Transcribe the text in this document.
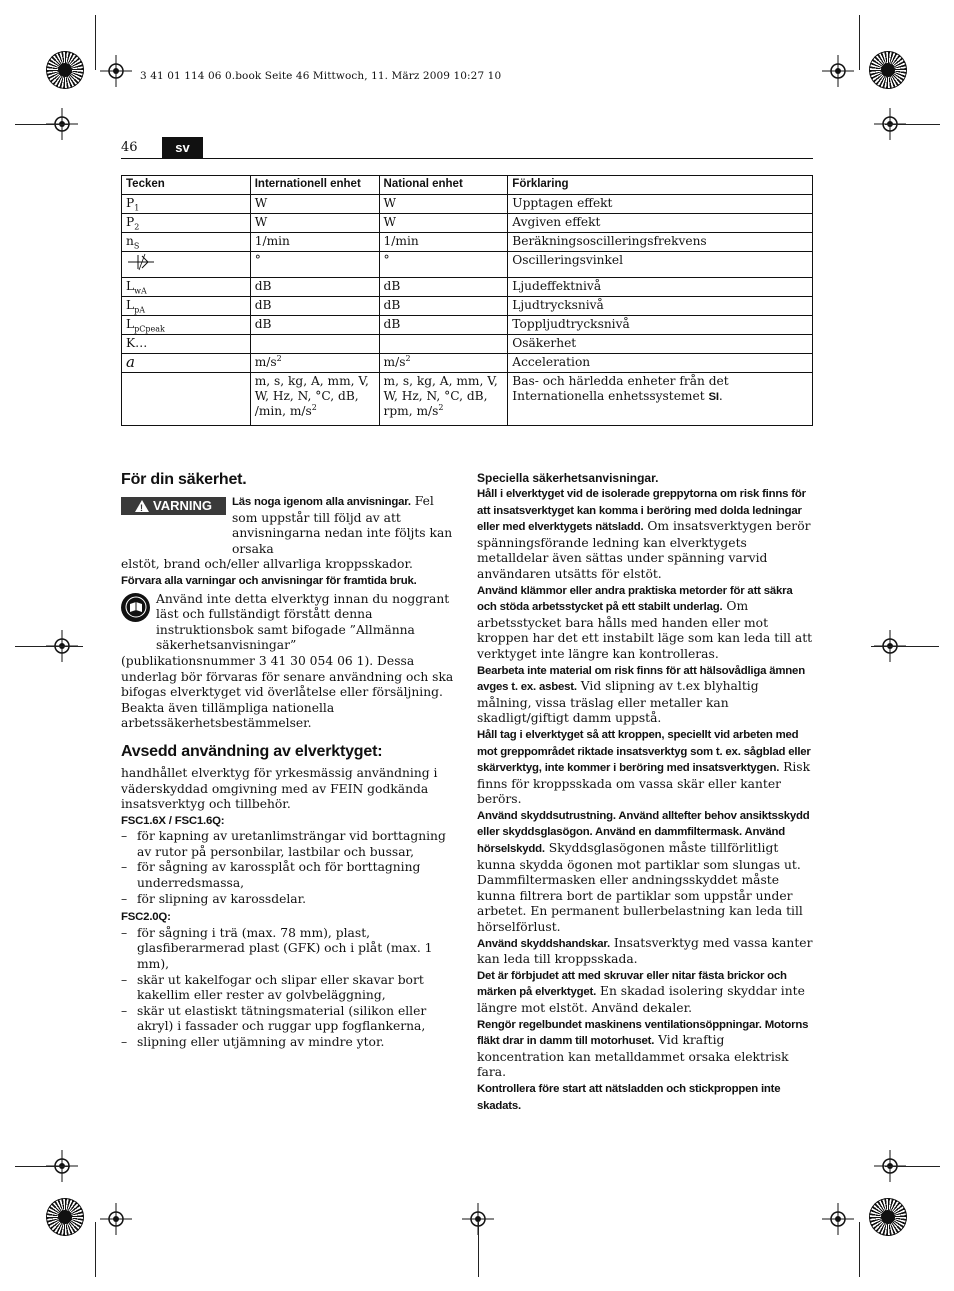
3 41 01 114 06 0.book Seite 46 Mittwoch, 11. März 2009 10:27 10
46	sv
Tecken	Internationell enhet	National enhet	Förklaring
$P_1$	W	W	Upptagen effekt
$P_2$	W	W	Avgiven effekt
$n_S$	1/min	1/min	Beräkningsoscilleringsfrekvens
	°	°	Oscilleringsvinkel
$L_{wA}$	dB	dB	Ljudeffektnivå
$L_{pA}$	dB	dB	Ljudtrycksnivå
$L_{pCpeak}$	dB	dB	Toppljudtrycksnivå
K…			Osäkerhet
a	$m/s^2$	$m/s^2$	Acceleration
	m, s, kg, A, mm, V, W, Hz, N, °C, dB, /min, $m/s^2$	m, s, kg, A, mm, V, W, Hz, N, °C, dB, rpm, $m/s^2$	Bas- och härledda enheter från det Internationella enhetssystemet SI.
För din säkerhet.
! VARNING Läs noga igenom alla anvisningar. Fel som uppstår till följd av att anvisningarna nedan inte följts kan orsaka

elstöt, brand och/eller allvarliga kroppsskador.

Förvara alla varningar och anvisningar för framtida bruk.

Använd inte detta elverktyg innan du noggrant läst och fullständigt förstått denna instruktionsbok samt bifogade ”Allmänna säkerhetsanvisningar”

(publikationsnummer 3 41 30 054 06 1). Dessa underlag bör förvaras för senare användning och ska bifogas elverktyget vid överlåtelse eller försäljning.

Beakta även tillämpliga nationella arbetssäkerhetsbestämmelser.

Avsedd användning av elverktyget:

handhållet elverktyg för yrkesmässig användning i väderskyddad omgivning med av FEIN godkända insatsverktyg och tillbehör.

FSC1.6X / FSC1.6Q:

– för kapning av uretanlimsträngar vid borttagning av rutor på personbilar, lastbilar och bussar,
– för sågning av karossplåt och för borttagning underredsmassa,
– för slipning av karossdelar.

FSC2.0Q:

– för sågning i trä (max. 78 mm), plast, glasfiberarmerad plast (GFK) och i plåt (max. 1 mm),
– skär ut kakelfogar och slipar eller skavar bort kakellim eller rester av golvbeläggning,
– skär ut elastiskt tätningsmaterial (silikon eller akryl) i fassader och ruggar upp fogflankerna,
– slipning eller utjämning av mindre ytor.
Speciella säkerhetsanvisningar.

Håll i elverktyget vid de isolerade greppytorna om risk finns för att insatsverktyget kan komma i beröring med dolda ledningar eller med elverktygets nätsladd. Om insatsverktygen berör spänningsförande ledning kan elverktygets metalldelar även sättas under spänning varvid användaren utsätts för elstöt.

Använd klämmor eller andra praktiska metorder för att säkra och stöda arbetsstycket på ett stabilt underlag. Om arbetsstycket bara hålls med handen eller mot kroppen har det ett instabilt läge som kan leda till att verktyget inte längre kan kontrolleras.

Bearbeta inte material om risk finns för att hälsovådliga ämnen avges t. ex. asbest. Vid slipning av t.ex blyhaltig målning, vissa träslag eller metaller kan skadligt/giftigt damm uppstå.

Håll tag i elverktyget så att kroppen, speciellt vid arbeten med mot greppområdet riktade insatsverktyg som t. ex. sågblad eller skärverktyg, inte kommer i beröring med insatsverktygen. Risk finns för kroppsskada om vassa skär eller kanter berörs.

Använd skyddsutrustning. Använd alltefter behov ansiktsskydd eller skyddsglasögon. Använd en dammfiltermask. Använd hörselskydd. Skyddsglasögonen måste tillförlitligt kunna skydda ögonen mot partiklar som slungas ut. Dammfiltermasken eller andningsskyddet måste kunna filtrera bort de partiklar som uppstår under arbetet. En permanent bullerbelastning kan leda till hörselförlust.

Använd skyddshandskar. Insatsverktyg med vassa kanter kan leda till kroppsskada.

Det är förbjudet att med skruvar eller nitar fästa brickor och märken på elverktyget. En skadad isolering skyddar inte längre mot elstöt. Använd dekaler.

Rengör regelbundet maskinens ventilationsöppningar. Motorns fläkt drar in damm till motorhuset. Vid kraftig koncentration kan metalldammet orsaka elektrisk fara.

Kontrollera före start att nätsladden och stickproppen inte skadats.
